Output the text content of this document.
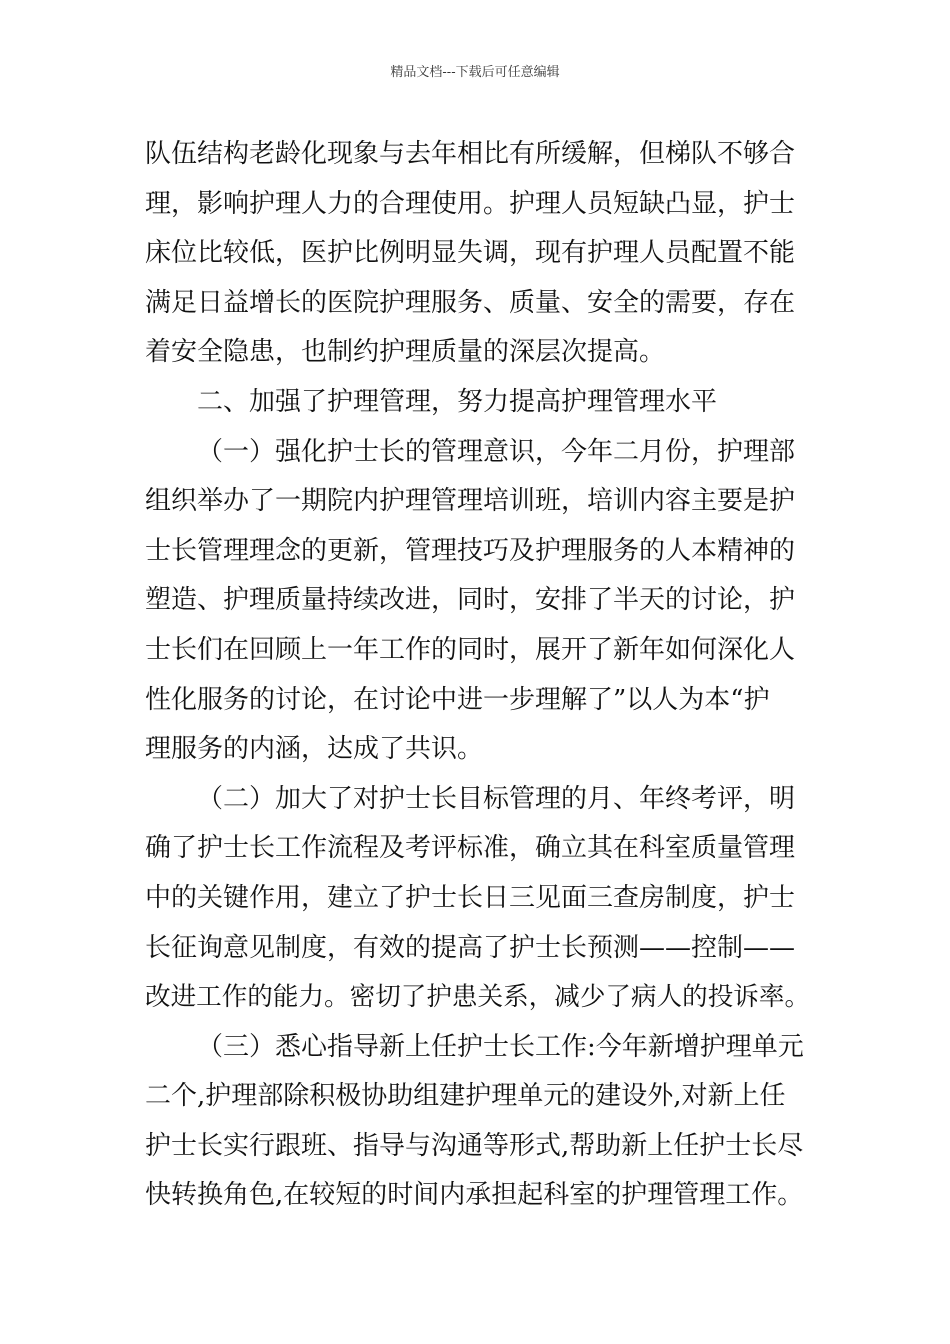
精品文档---下载后可任意编辑
队伍结构老龄化现象与去年相比有所缓解，但梯队不够合
理，影响护理人力的合理使用。护理人员短缺凸显，护士
床位比较低，医护比例明显失调，现有护理人员配置不能
满足日益增长的医院护理服务、质量、安全的需要，存在
着安全隐患，也制约护理质量的深层次提高。
二、加强了护理管理，努力提高护理管理水平
（一）强化护士长的管理意识，今年二月份，护理部
组织举办了一期院内护理管理培训班，培训内容主要是护
士长管理理念的更新，管理技巧及护理服务的人本精神的
塑造、护理质量持续改进，同时，安排了半天的讨论，护
士长们在回顾上一年工作的同时，展开了新年如何深化人
性化服务的讨论，在讨论中进一步理解了”以人为本“护
理服务的内涵，达成了共识。
（二）加大了对护士长目标管理的月、年终考评，明
确了护士长工作流程及考评标准，确立其在科室质量管理
中的关键作用，建立了护士长日三见面三查房制度，护士
长征询意见制度，有效的提高了护士长预测——控制——
改进工作的能力。密切了护患关系，减少了病人的投诉率。
（三）悉心指导新上任护士长工作:今年新增护理单元
二个,护理部除积极协助组建护理单元的建设外,对新上任
护士长实行跟班、指导与沟通等形式,帮助新上任护士长尽
快转换角色,在较短的时间内承担起科室的护理管理工作。
